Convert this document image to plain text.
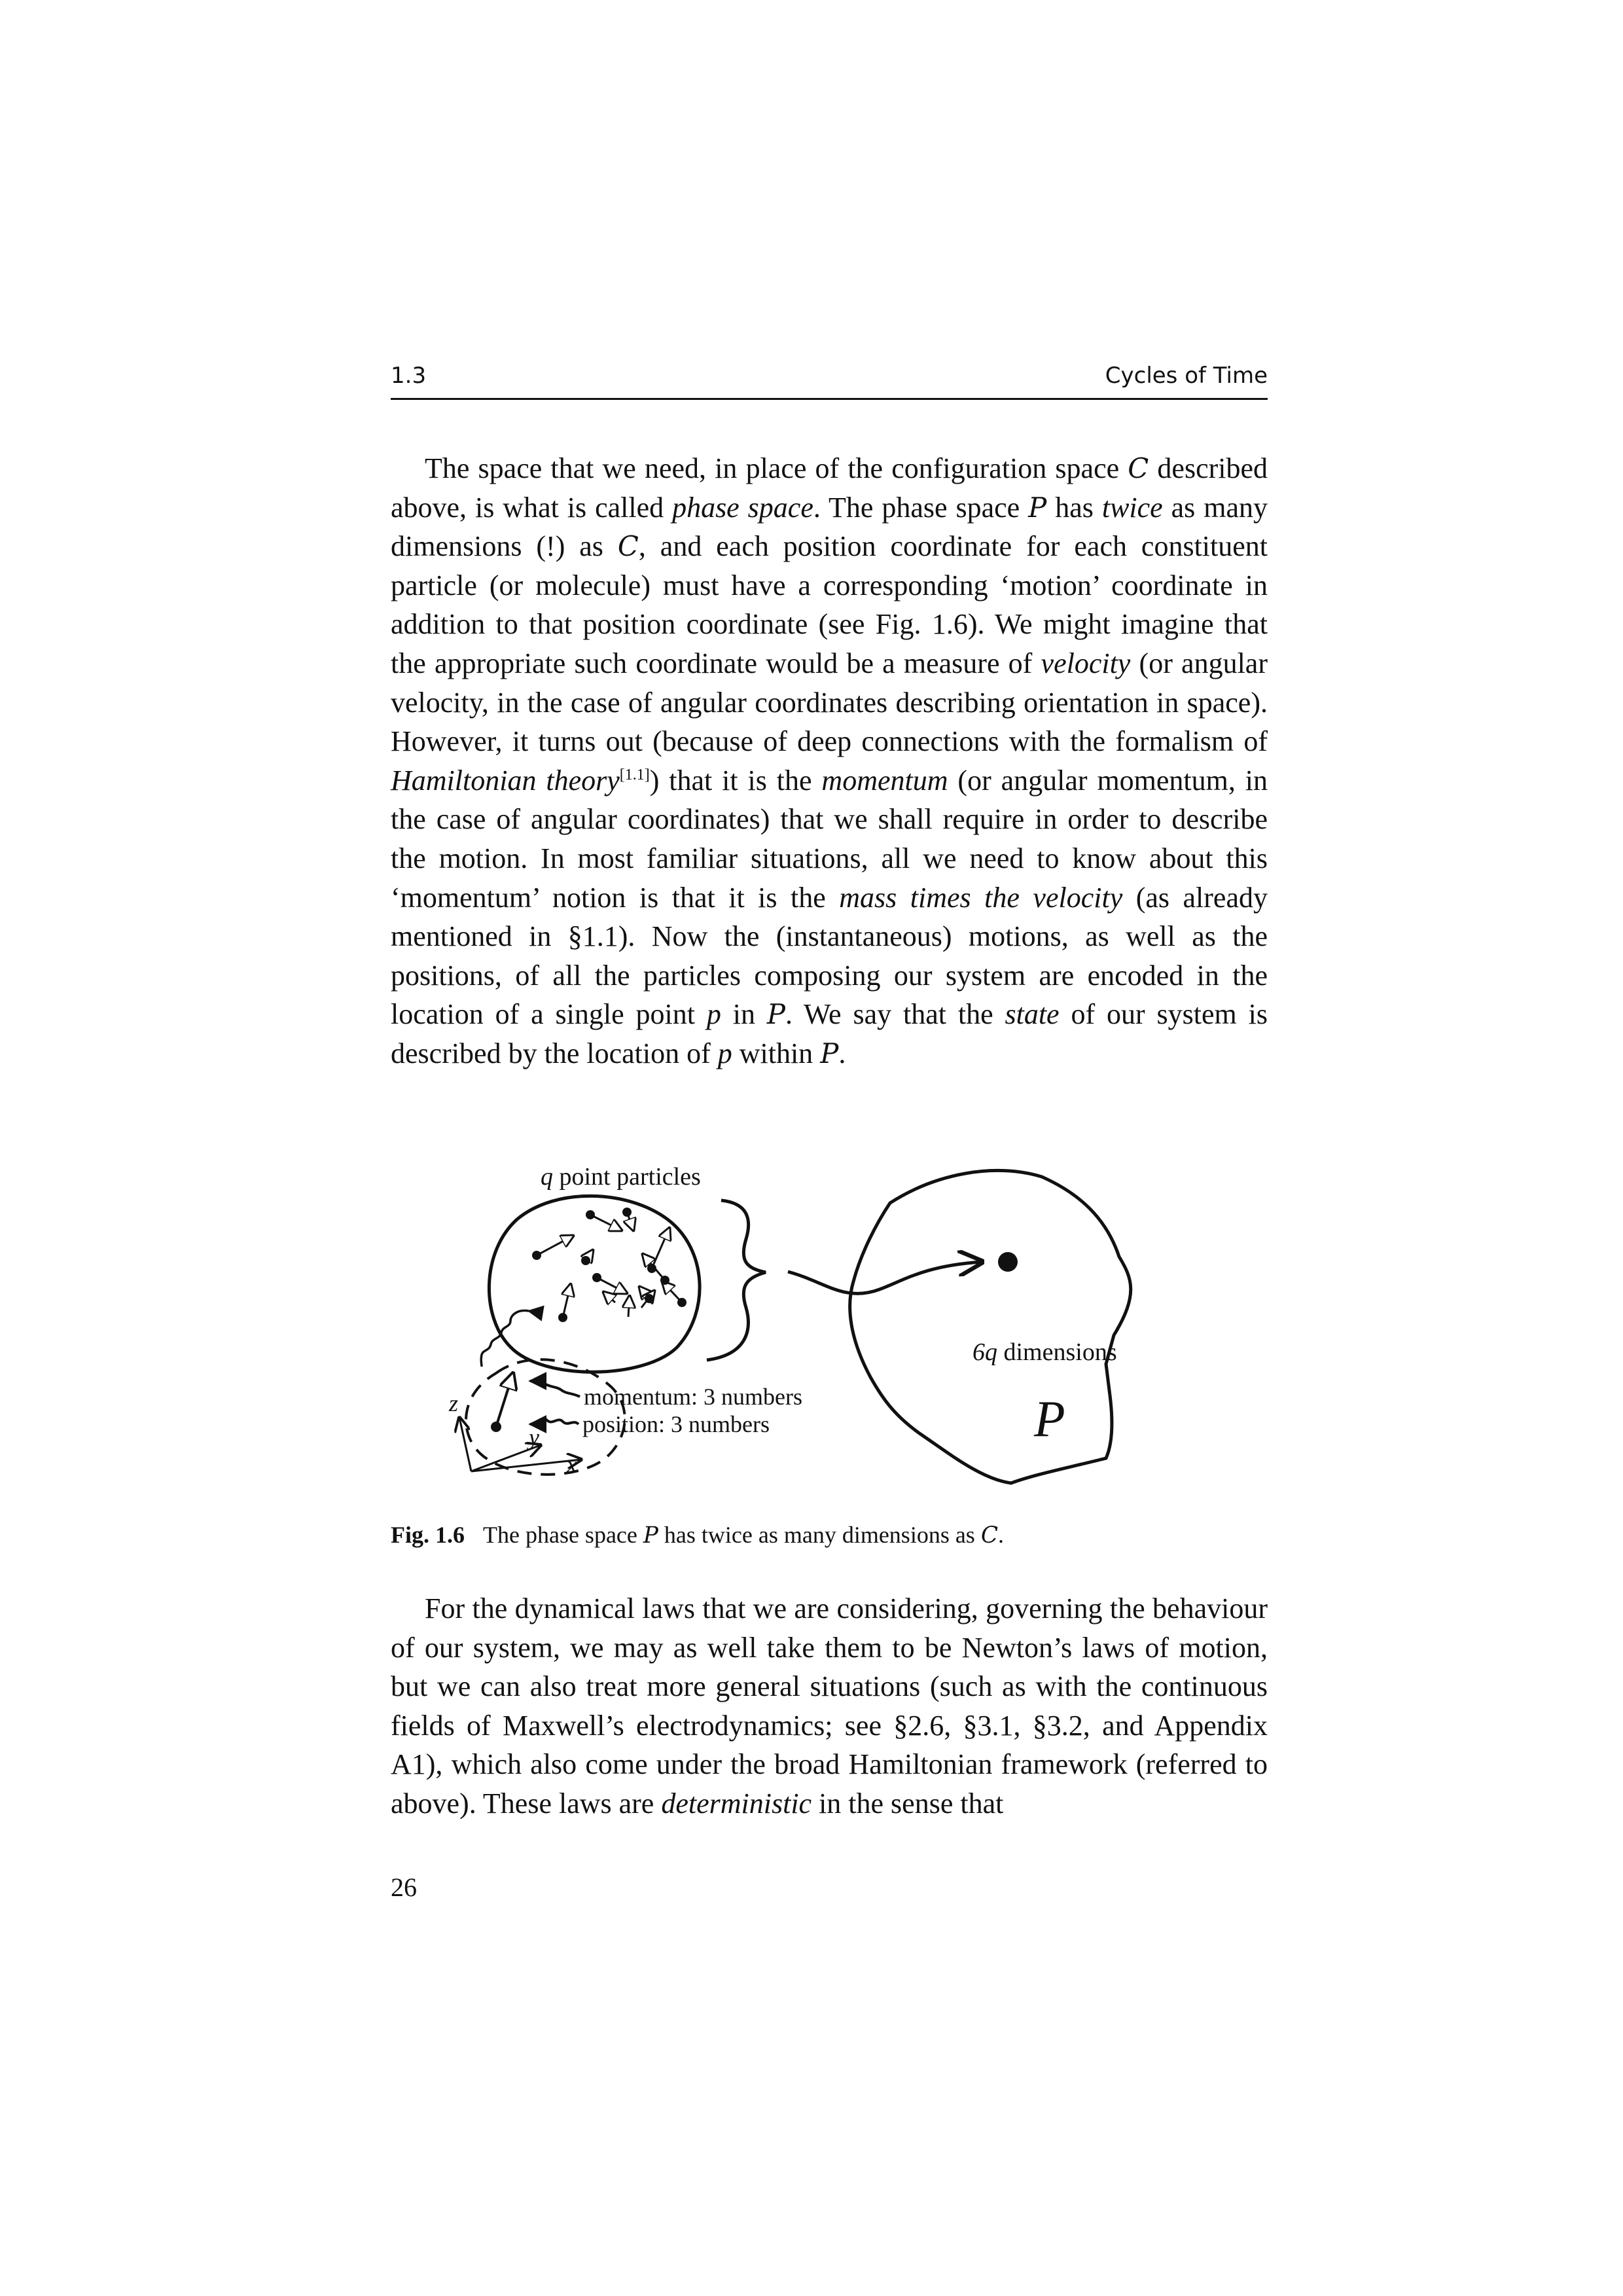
1.3	Cycles of Time

The space that we need, in place of the configuration space C described above, is what is called phase space. The phase space P has twice as many dimensions (!) as C, and each position coordinate for each constituent particle (or molecule) must have a corresponding ‘motion’ coordinate in addition to that position coordinate (see Fig. 1.6). We might imagine that the appropriate such coordinate would be a measure of velocity (or angular velocity, in the case of angular coordinates describing orientation in space). However, it turns out (because of deep connections with the formalism of Hamiltonian theory[1.1]) that it is the momentum (or angular momentum, in the case of angular coordinates) that we shall require in order to describe the motion. In most familiar situations, all we need to know about this ‘momentum’ notion is that it is the mass times the velocity (as already mentioned in §1.1). Now the (instantaneous) motions, as well as the positions, of all the particles composing our system are encoded in the location of a single point p in P. We say that the state of our system is described by the location of p within P.

q point particles
z
y
x
momentum: 3 numbers
position: 3 numbers
6q dimensions
P
Fig. 1.6 The phase space P has twice as many dimensions as C.

For the dynamical laws that we are considering, governing the behaviour of our system, we may as well take them to be Newton’s laws of motion, but we can also treat more general situations (such as with the continuous fields of Maxwell’s electrodynamics; see §2.6, §3.1, §3.2, and Appendix A1), which also come under the broad Hamiltonian framework (referred to above). These laws are deterministic in the sense that

26
